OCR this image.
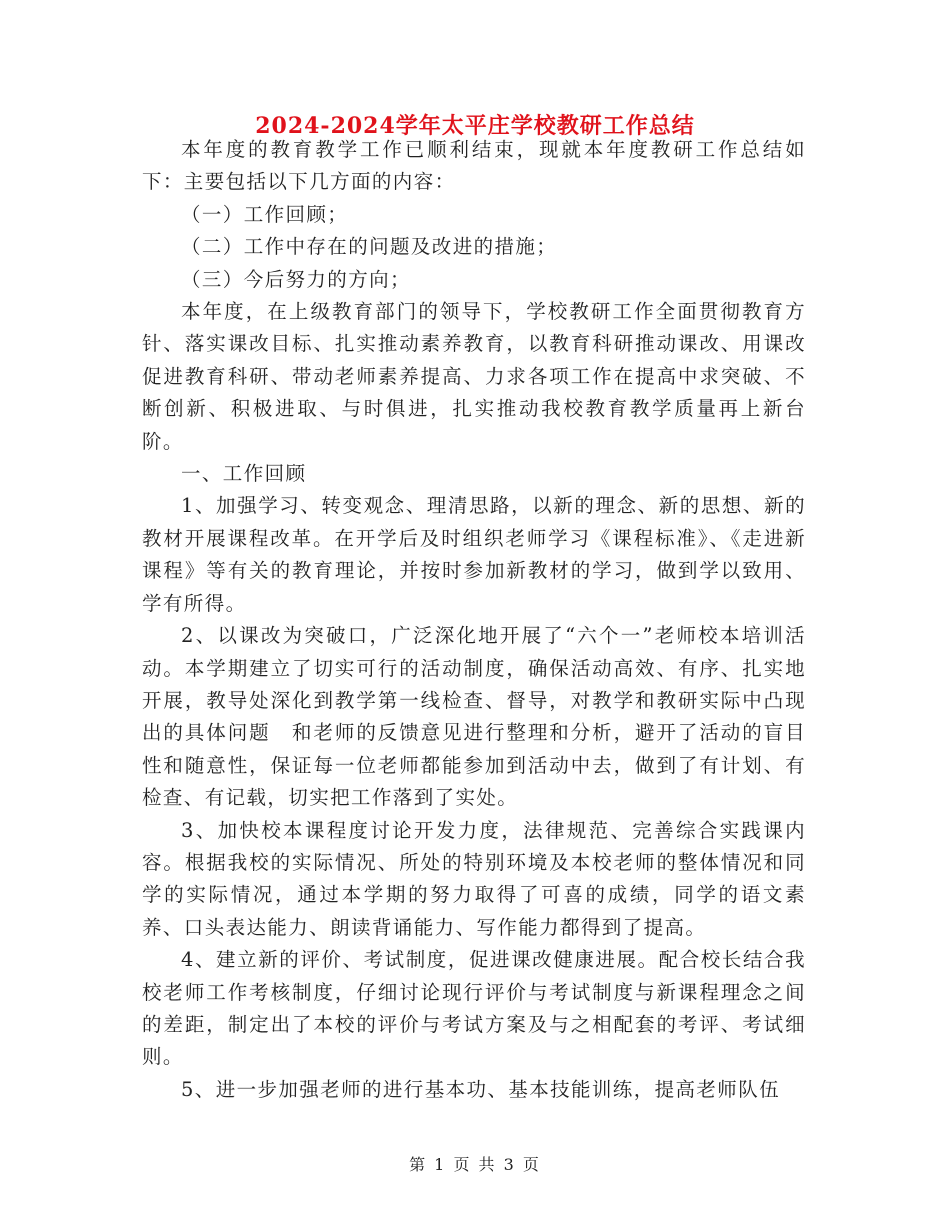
2024-2024学年太平庄学校教研工作总结

本年度的教育教学工作已顺利结束，现就本年度教研工作总结如下：主要包括以下几方面的内容：

（一）工作回顾；

（二）工作中存在的问题及改进的措施；

（三）今后努力的方向；

本年度，在上级教育部门的领导下，学校教研工作全面贯彻教育方针、落实课改目标、扎实推动素养教育，以教育科研推动课改、用课改促进教育科研、带动老师素养提高、力求各项工作在提高中求突破、不断创新、积极进取、与时俱进，扎实推动我校教育教学质量再上新台阶。

一、工作回顾

1、加强学习、转变观念、理清思路，以新的理念、新的思想、新的教材开展课程改革。在开学后及时组织老师学习《课程标准》、《走进新课程》等有关的教育理论，并按时参加新教材的学习，做到学以致用、学有所得。

2、以课改为突破口，广泛深化地开展了“六个一”老师校本培训活动。本学期建立了切实可行的活动制度，确保活动高效、有序、扎实地开展，教导处深化到教学第一线检查、督导，对教学和教研实际中凸现出的具体问题　和老师的反馈意见进行整理和分析，避开了活动的盲目性和随意性，保证每一位老师都能参加到活动中去，做到了有计划、有检查、有记载，切实把工作落到了实处。

3、加快校本课程度讨论开发力度，法律规范、完善综合实践课内容。根据我校的实际情况、所处的特别环境及本校老师的整体情况和同学的实际情况，通过本学期的努力取得了可喜的成绩，同学的语文素养、口头表达能力、朗读背诵能力、写作能力都得到了提高。

4、建立新的评价、考试制度，促进课改健康进展。配合校长结合我校老师工作考核制度，仔细讨论现行评价与考试制度与新课程理念之间的差距，制定出了本校的评价与考试方案及与之相配套的考评、考试细则。

5、进一步加强老师的进行基本功、基本技能训练，提高老师队伍

第 1 页 共 3 页
